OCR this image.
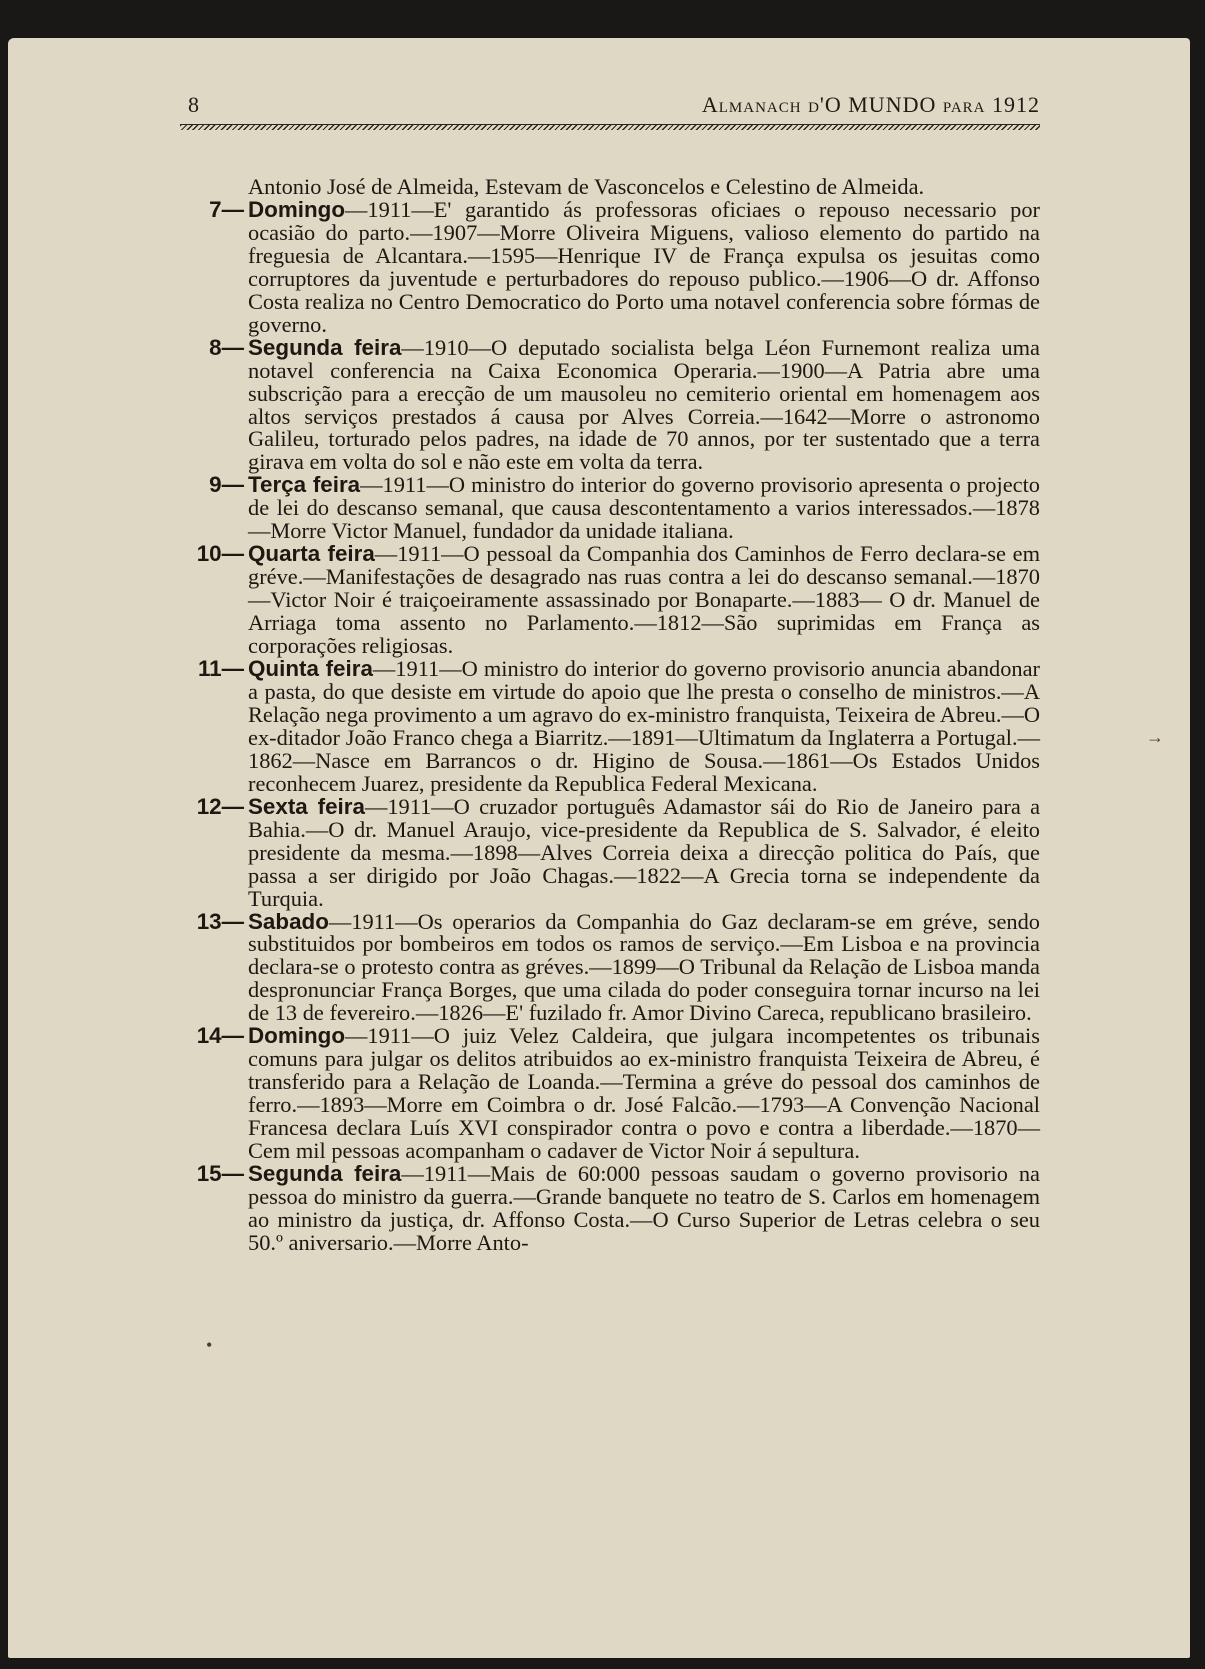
8	Almanach d'O MUNDO para 1912

Antonio José de Almeida, Estevam de Vasconcelos e Celestino de Almeida.

7— Domingo—1911—E' garantido ás professoras oficiaes o repouso necessario por ocasião do parto.—1907—Morre Oliveira Miguens, valioso elemento do partido na freguesia de Alcantara.—1595—Henrique IV de França expulsa os jesuitas como corruptores da juventude e perturbadores do repouso publico.—1906—O dr. Affonso Costa realiza no Centro Democratico do Porto uma notavel conferencia sobre fórmas de governo.

8— Segunda feira—1910—O deputado socialista belga Léon Furnemont realiza uma notavel conferencia na Caixa Economica Operaria.—1900—A Patria abre uma subscrição para a erecção de um mausoleu no cemiterio oriental em homenagem aos altos serviços prestados á causa por Alves Correia.—1642—Morre o astronomo Galileu, torturado pelos padres, na idade de 70 annos, por ter sustentado que a terra girava em volta do sol e não este em volta da terra.

9— Terça feira—1911—O ministro do interior do governo provisorio apresenta o projecto de lei do descanso semanal, que causa descontentamento a varios interessados.—1878—Morre Victor Manuel, fundador da unidade italiana.

10— Quarta feira—1911—O pessoal da Companhia dos Caminhos de Ferro declara-se em gréve.—Manifestações de desagrado nas ruas contra a lei do descanso semanal.—1870—Victor Noir é traiçoeiramente assassinado por Bonaparte.—1883— O dr. Manuel de Arriaga toma assento no Parlamento.—1812—São suprimidas em França as corporações religiosas.

11— Quinta feira—1911—O ministro do interior do governo provisorio anuncia abandonar a pasta, do que desiste em virtude do apoio que lhe presta o conselho de ministros.—A Relação nega provimento a um agravo do ex-ministro franquista, Teixeira de Abreu.—O ex-ditador João Franco chega a Biarritz.—1891—Ultimatum da Inglaterra a Portugal.—1862—Nasce em Barrancos o dr. Higino de Sousa.—1861—Os Estados Unidos reconhecem Juarez, presidente da Republica Federal Mexicana.

12— Sexta feira—1911—O cruzador português Adamastor sái do Rio de Janeiro para a Bahia.—O dr. Manuel Araujo, vice-presidente da Republica de S. Salvador, é eleito presidente da mesma.—1898—Alves Correia deixa a direcção politica do País, que passa a ser dirigido por João Chagas.—1822—A Grecia torna se independente da Turquia.

13— Sabado—1911—Os operarios da Companhia do Gaz declaram-se em gréve, sendo substituidos por bombeiros em todos os ramos de serviço.—Em Lisboa e na provincia declara-se o protesto contra as gréves.—1899—O Tribunal da Relação de Lisboa manda despronunciar França Borges, que uma cilada do poder conseguira tornar incurso na lei de 13 de fevereiro.—1826—E' fuzilado fr. Amor Divino Careca, republicano brasileiro.

14— Domingo—1911—O juiz Velez Caldeira, que julgara incompetentes os tribunais comuns para julgar os delitos atribuidos ao ex-ministro franquista Teixeira de Abreu, é transferido para a Relação de Loanda.—Termina a gréve do pessoal dos caminhos de ferro.—1893—Morre em Coimbra o dr. José Falcão.—1793—A Convenção Nacional Francesa declara Luís XVI conspirador contra o povo e contra a liberdade.—1870—Cem mil pessoas acompanham o cadaver de Victor Noir á sepultura.

15— Segunda feira—1911—Mais de 60:000 pessoas saudam o governo provisorio na pessoa do ministro da guerra.—Grande banquete no teatro de S. Carlos em homenagem ao ministro da justiça, dr. Affonso Costa.—O Curso Superior de Letras celebra o seu 50.º aniversario.—Morre Anto-

→
•
